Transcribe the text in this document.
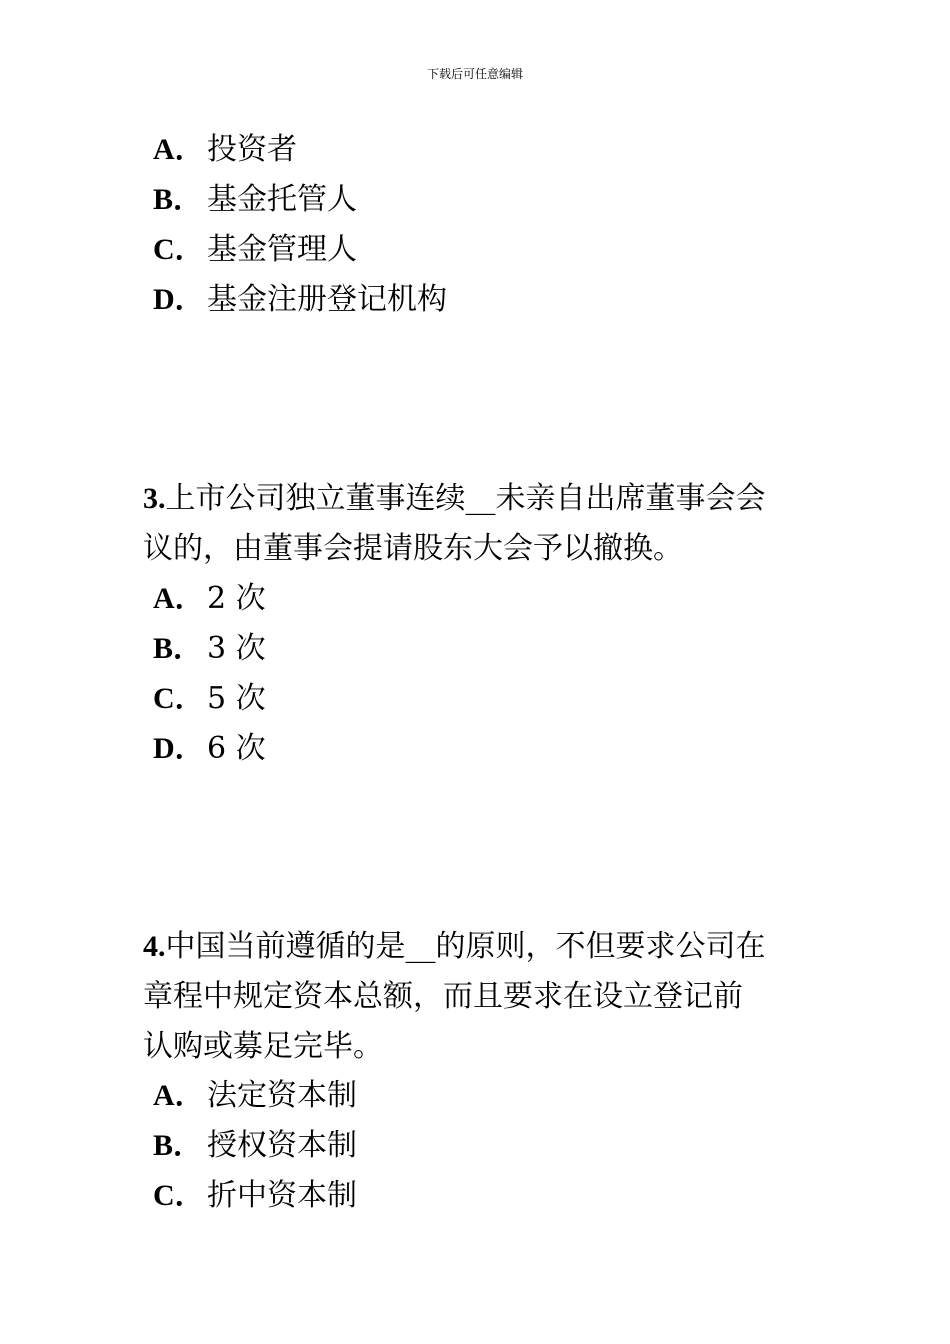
下载后可任意编辑
A．投资者
B． 基金托管人
C．基金管理人
D．基金注册登记机构
3.上市公司独立董事连续__未亲自出席董事会会
议的，由董事会提请股东大会予以撤换。
A．2 次
B． 3 次
C．5 次
D．6 次
4.中国当前遵循的是__的原则，不但要求公司在
章程中规定资本总额，而且要求在设立登记前
认购或募足完毕。
A．法定资本制
B． 授权资本制
C．折中资本制
